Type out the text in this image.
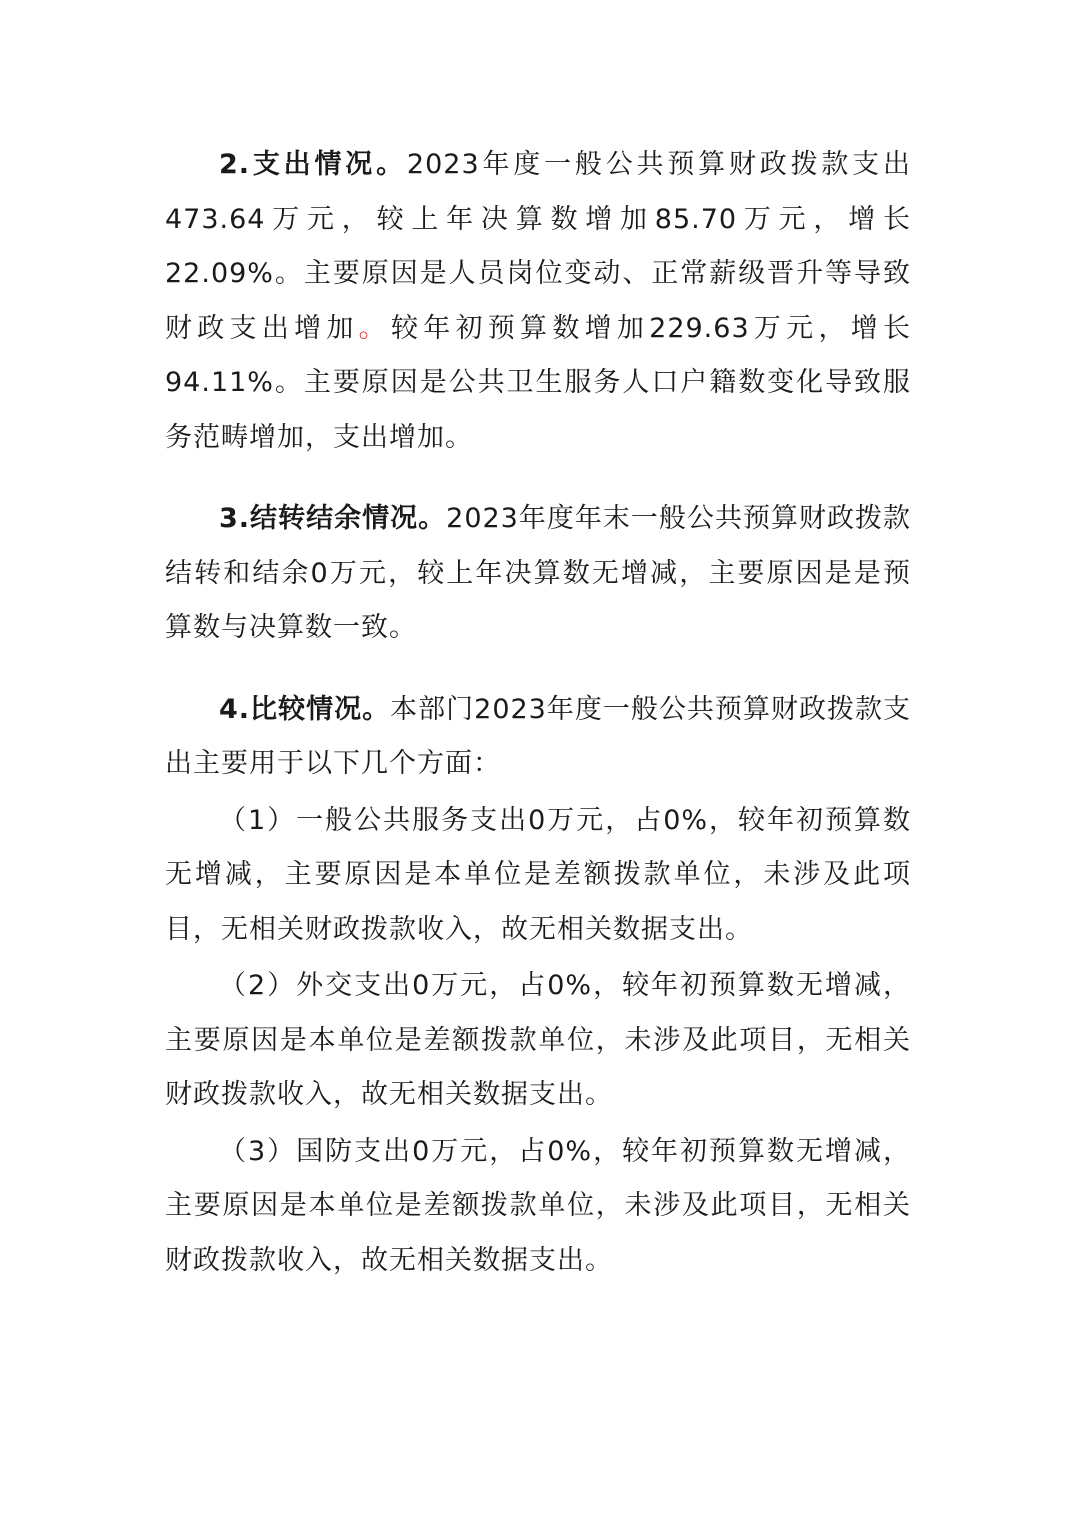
2.支出情况。2023年度一般公共预算财政拨款支出473.64万元，较上年决算数增加85.70万元，增长22.09%。主要原因是人员岗位变动、正常薪级晋升等导致财政支出增加。较年初预算数增加229.63万元，增长94.11%。主要原因是公共卫生服务人口户籍数变化导致服务范畴增加，支出增加。

3.结转结余情况。2023年度年末一般公共预算财政拨款结转和结余0万元，较上年决算数无增减，主要原因是是预算数与决算数一致。

4.比较情况。本部门2023年度一般公共预算财政拨款支出主要用于以下几个方面：

（1）一般公共服务支出0万元，占0%，较年初预算数无增减，主要原因是本单位是差额拨款单位，未涉及此项目，无相关财政拨款收入，故无相关数据支出。

（2）外交支出0万元，占0%，较年初预算数无增减，主要原因是本单位是差额拨款单位，未涉及此项目，无相关财政拨款收入，故无相关数据支出。

（3）国防支出0万元，占0%，较年初预算数无增减，主要原因是本单位是差额拨款单位，未涉及此项目，无相关财政拨款收入，故无相关数据支出。
